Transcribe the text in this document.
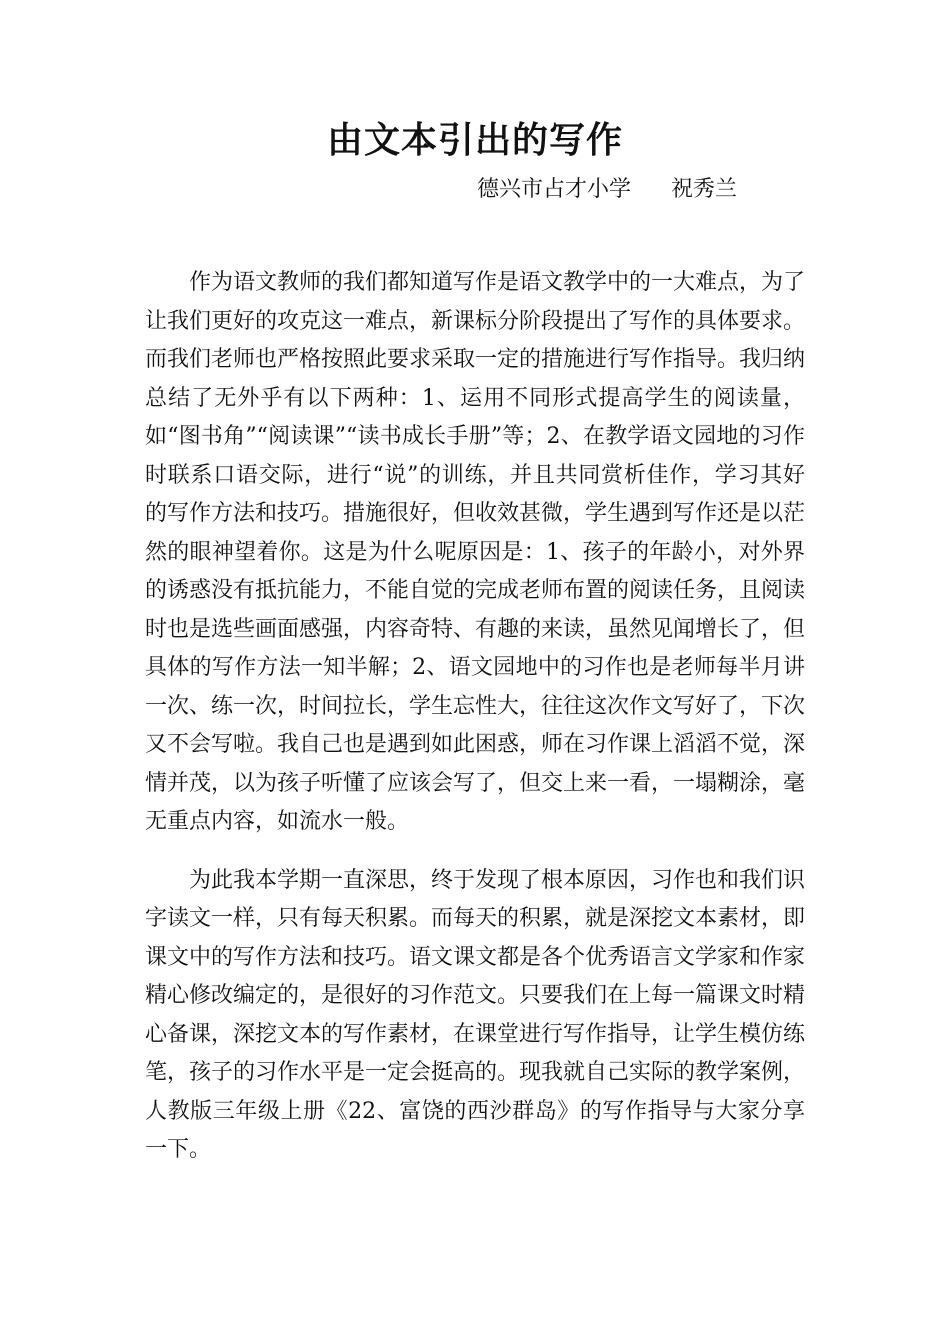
由文本引出的写作
德兴市占才小学 祝秀兰

作为语文教师的我们都知道写作是语文教学中的一大难点，为了让我们更好的攻克这一难点，新课标分阶段提出了写作的具体要求。而我们老师也严格按照此要求采取一定的措施进行写作指导。我归纳总结了无外乎有以下两种：1、运用不同形式提高学生的阅读量，如“图书角”“阅读课”“读书成长手册”等；2、在教学语文园地的习作时联系口语交际，进行“说”的训练，并且共同赏析佳作，学习其好的写作方法和技巧。措施很好，但收效甚微，学生遇到写作还是以茫然的眼神望着你。这是为什么呢原因是：1、孩子的年龄小，对外界的诱惑没有抵抗能力，不能自觉的完成老师布置的阅读任务，且阅读时也是选些画面感强，内容奇特、有趣的来读，虽然见闻增长了，但具体的写作方法一知半解；2、语文园地中的习作也是老师每半月讲一次、练一次，时间拉长，学生忘性大，往往这次作文写好了，下次又不会写啦。我自己也是遇到如此困惑，师在习作课上滔滔不觉，深情并茂，以为孩子听懂了应该会写了，但交上来一看，一塌糊涂，毫无重点内容，如流水一般。

为此我本学期一直深思，终于发现了根本原因，习作也和我们识字读文一样，只有每天积累。而每天的积累，就是深挖文本素材，即课文中的写作方法和技巧。语文课文都是各个优秀语言文学家和作家精心修改编定的，是很好的习作范文。只要我们在上每一篇课文时精心备课，深挖文本的写作素材，在课堂进行写作指导，让学生模仿练笔，孩子的习作水平是一定会挺高的。现我就自己实际的教学案例，人教版三年级上册《22、富饶的西沙群岛》的写作指导与大家分享一下。
